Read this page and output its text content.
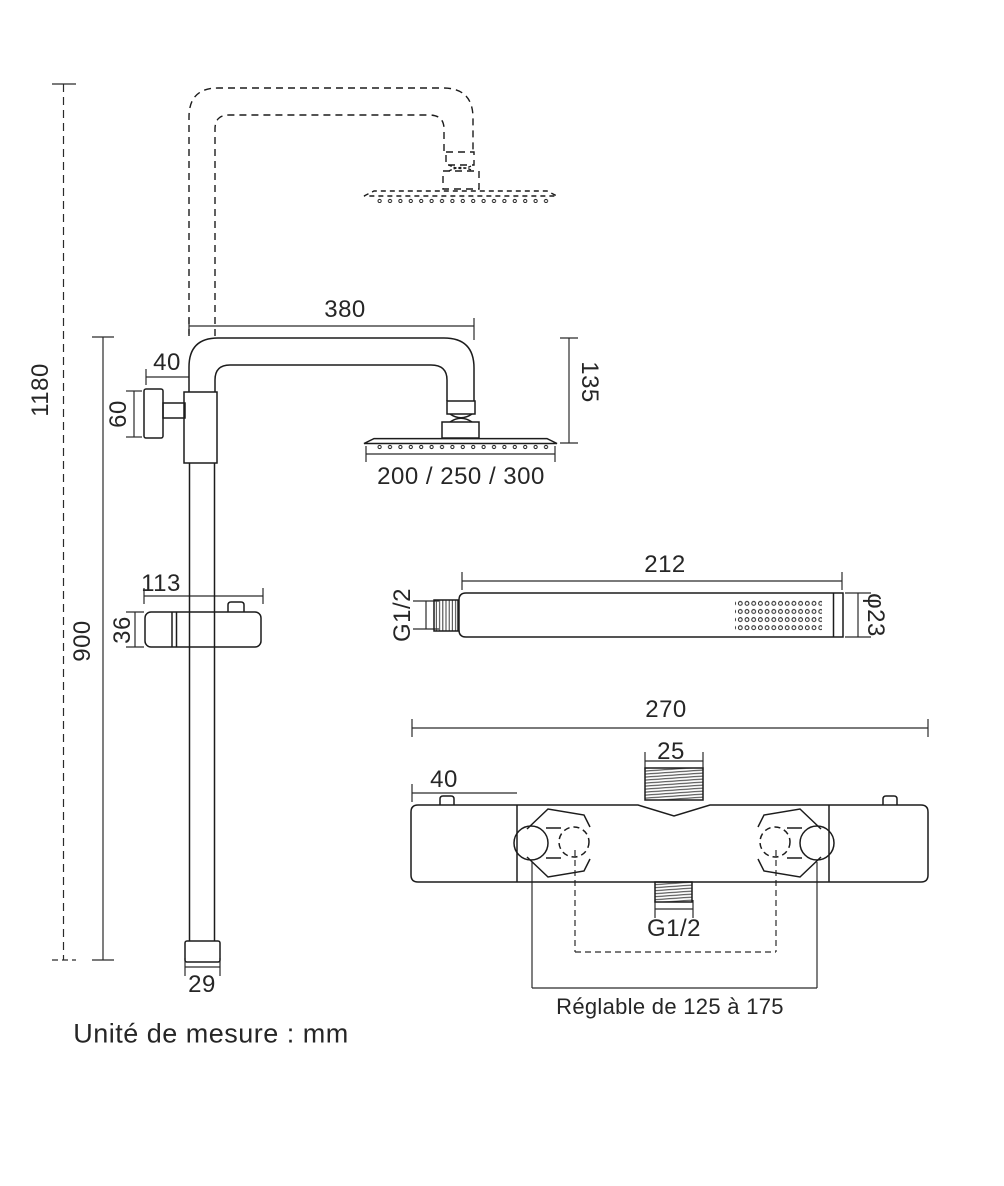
1180
900
380
40
60
135
200 / 250 / 300
113
36
29
212
G1/2	φ23
270
25
40
G1/2
Réglable de 125 à 175
Unité de mesure : mm
